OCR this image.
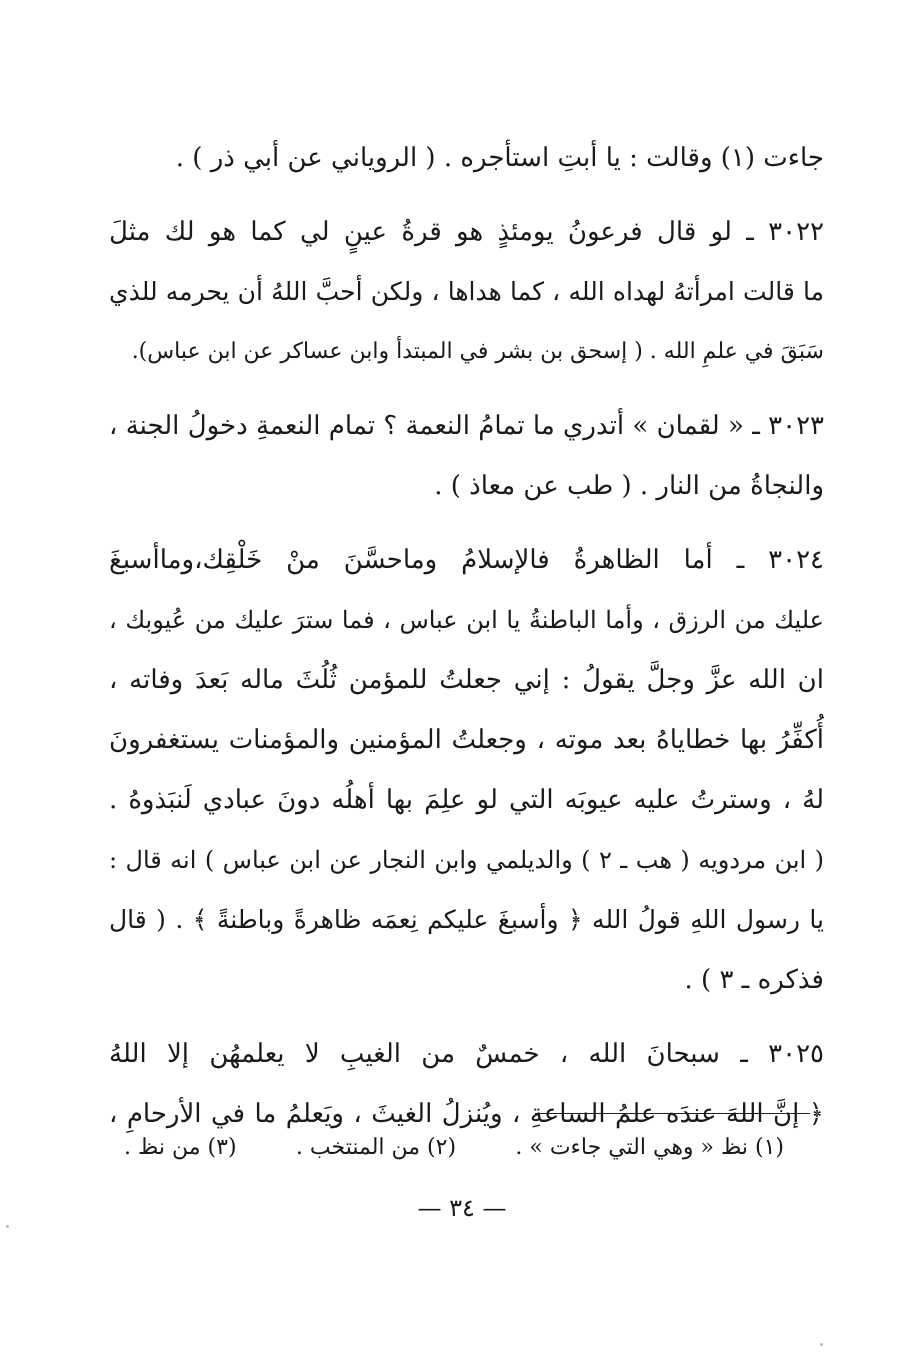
جاءت (١) وقالت : يا أبتِ استأجره . ( الروياني عن أبي ذر ) .
٣٠٢٢ ـ لو قال فرعونُ يومئذٍ هو قرةُ عينٍ لي كما هو لك مثلَ
ما قالت امرأتهُ لهداه الله ، كما هداها ، ولكن أحبَّ اللهُ أن يحرمه للذي
سَبَقَ في علمِ الله . ( إسحق بن بشر في المبتدأ وابن عساكر عن ابن عباس).
٣٠٢٣ ـ « لقمان » أتدري ما تمامُ النعمة ؟ تمام النعمةِ دخولُ الجنة ،
والنجاةُ من النار . ( طب عن معاذ ) .
٣٠٢٤ ـ أما الظاهرةُ فالإسلامُ وماحسَّنَ منْ خَلْقِك،وماأسبغَ
عليك من الرزق ، وأما الباطنةُ يا ابن عباس ، فما سترَ عليك من عُيوبك ،
ان الله عزَّ وجلَّ يقولُ : إني جعلتُ للمؤمن ثُلُثَ ماله بَعدَ وفاته ،
أُكفِّرُ بها خطاياهُ بعد موته ، وجعلتُ المؤمنين والمؤمنات يستغفرونَ
لهُ ، وسترتُ عليه عيوبَه التي لو علِمَ بها أهلُه دونَ عبادي لَنبَذوهُ .
( ابن مردويه ( هب ـ ٢ ) والديلمي وابن النجار عن ابن عباس ) انه قال :
يا رسول اللهِ قولُ الله ﴿ وأسبغَ عليكم نِعمَه ظاهرةً وباطنةً ﴾ . ( قال
فذكره ـ ٣ ) .
٣٠٢٥ ـ سبحانَ الله ، خمسٌ من الغيبِ لا يعلمهُن إلا اللهُ
﴿ إنَّ اللهَ عندَه علمُ الساعةِ ، ويُنزلُ الغيثَ ، ويَعلمُ ما في الأرحامِ ،
(١) نظ « وهي التي جاءت » .
(٢) من المنتخب .
(٣) من نظ .
— ٣٤ —
